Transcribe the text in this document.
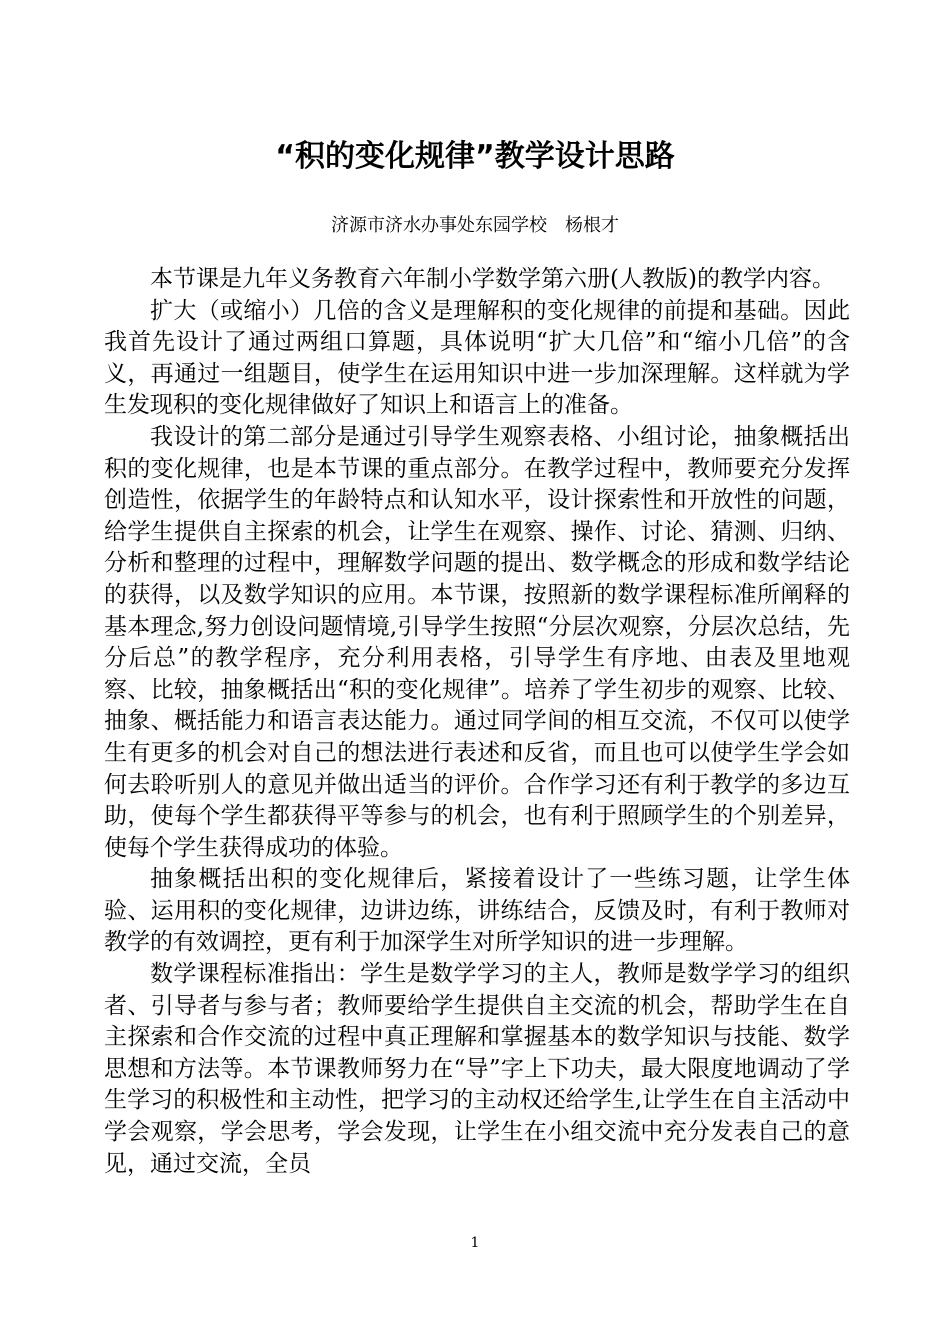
“积的变化规律”教学设计思路
济源市济水办事处东园学校　杨根才

本节课是九年义务教育六年制小学数学第六册(人教版)的教学内容。

扩大（或缩小）几倍的含义是理解积的变化规律的前提和基础。因此我首先设计了通过两组口算题，具体说明“扩大几倍”和“缩小几倍”的含义，再通过一组题目，使学生在运用知识中进一步加深理解。这样就为学生发现积的变化规律做好了知识上和语言上的准备。

我设计的第二部分是通过引导学生观察表格、小组讨论，抽象概括出积的变化规律，也是本节课的重点部分。在教学过程中，教师要充分发挥创造性，依据学生的年龄特点和认知水平，设计探索性和开放性的问题，给学生提供自主探索的机会，让学生在观察、操作、讨论、猜测、归纳、分析和整理的过程中，理解数学问题的提出、数学概念的形成和数学结论的获得，以及数学知识的应用。本节课，按照新的数学课程标准所阐释的基本理念,努力创设问题情境,引导学生按照“分层次观察，分层次总结，先分后总”的教学程序，充分利用表格，引导学生有序地、由表及里地观察、比较，抽象概括出“积的变化规律”。培养了学生初步的观察、比较、抽象、概括能力和语言表达能力。通过同学间的相互交流，不仅可以使学生有更多的机会对自己的想法进行表述和反省，而且也可以使学生学会如何去聆听别人的意见并做出适当的评价。合作学习还有利于教学的多边互助，使每个学生都获得平等参与的机会，也有利于照顾学生的个别差异，使每个学生获得成功的体验。

抽象概括出积的变化规律后，紧接着设计了一些练习题，让学生体验、运用积的变化规律，边讲边练，讲练结合，反馈及时，有利于教师对教学的有效调控，更有利于加深学生对所学知识的进一步理解。

数学课程标准指出：学生是数学学习的主人，教师是数学学习的组织者、引导者与参与者；教师要给学生提供自主交流的机会，帮助学生在自主探索和合作交流的过程中真正理解和掌握基本的数学知识与技能、数学思想和方法等。本节课教师努力在“导”字上下功夫，最大限度地调动了学生学习的积极性和主动性，把学习的主动权还给学生,让学生在自主活动中学会观察，学会思考，学会发现，让学生在小组交流中充分发表自己的意见，通过交流，全员

1
